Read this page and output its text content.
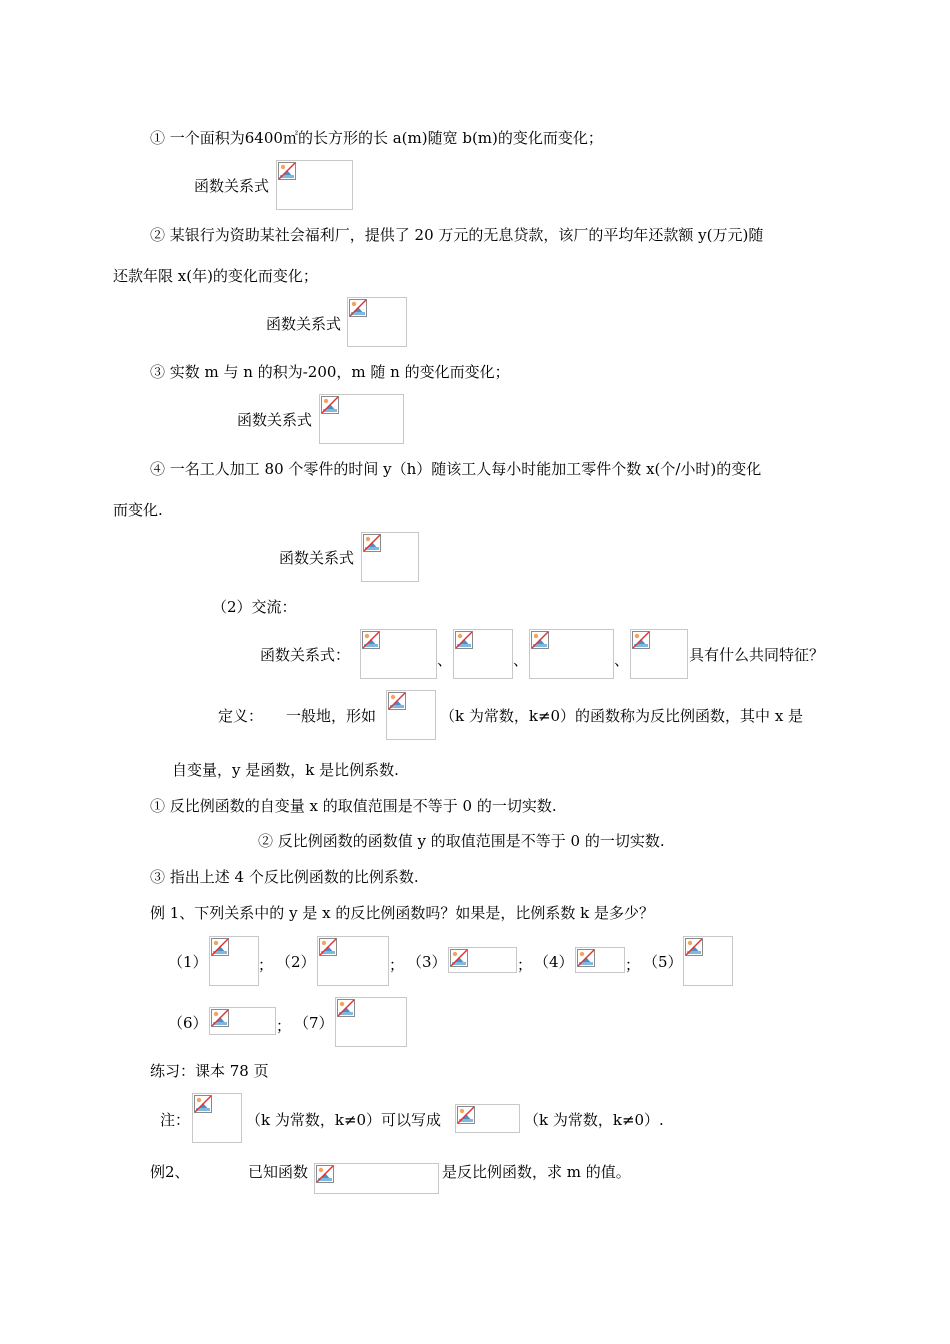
① 一个面积为6400㎡的长方形的长 a(m)随宽 b(m)的变化而变化；
函数关系式
② 某银行为资助某社会福利厂，提供了 20 万元的无息贷款，该厂的平均年还款额 y(万元)随
还款年限 x(年)的变化而变化；
函数关系式
③ 实数 m 与 n 的积为-200，m 随 n 的变化而变化；
函数关系式
④ 一名工人加工 80 个零件的时间 y（h）随该工人每小时能加工零件个数 x(个/小时)的变化
而变化.
函数关系式
（2）交流：
函数关系式：	、	、	、	具有什么共同特征？
定义： 一般地，形如	（k 为常数，k≠0）的函数称为反比例函数，其中 x 是
自变量，y 是函数，k 是比例系数.
① 反比例函数的自变量 x 的取值范围是不等于 0 的一切实数.
② 反比例函数的函数值 y 的取值范围是不等于 0 的一切实数.
③ 指出上述 4 个反比例函数的比例系数.
例 1、下列关系中的 y 是 x 的反比例函数吗？如果是，比例系数 k 是多少？
（1）	； （2）	； （3）	； （4）	； （5）
（6）	； （7）
练习：课本 78 页
注：	（k 为常数，k≠0）可以写成	（k 为常数，k≠0）.
例2、	已知函数	是反比例函数，求 m 的值。
